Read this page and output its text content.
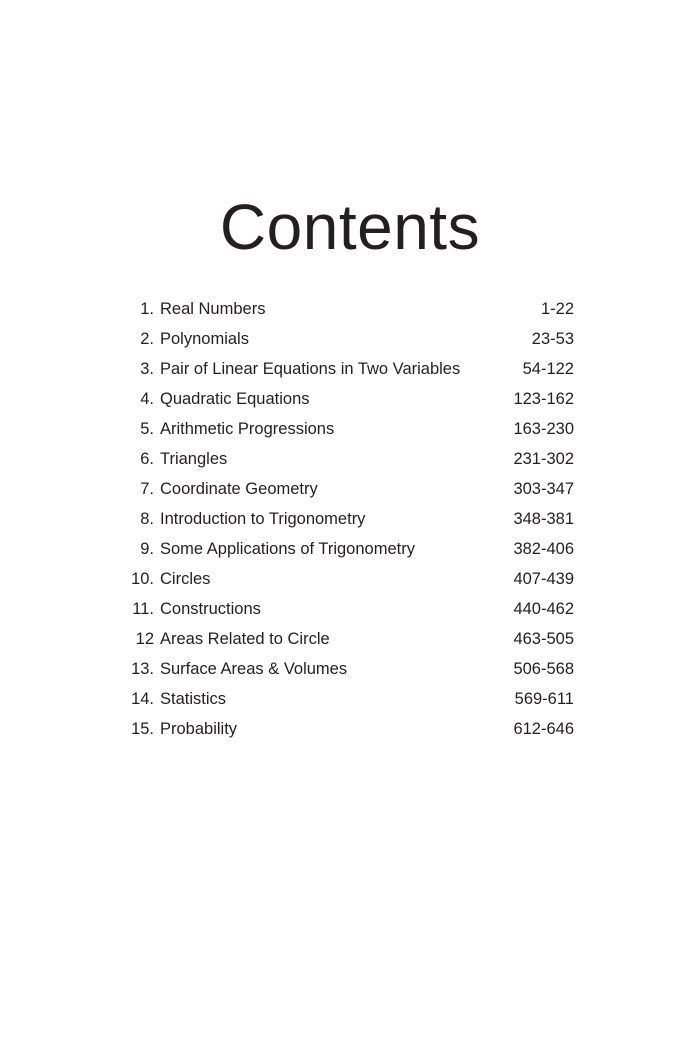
Contents
1. Real Numbers	1-22
2. Polynomials	23-53
3. Pair of Linear Equations in Two Variables	54-122
4. Quadratic Equations	123-162
5. Arithmetic Progressions	163-230
6. Triangles	231-302
7. Coordinate Geometry	303-347
8. Introduction to Trigonometry	348-381
9. Some Applications of Trigonometry	382-406
10. Circles	407-439
11. Constructions	440-462
12 Areas Related to Circle	463-505
13. Surface Areas & Volumes	506-568
14. Statistics	569-611
15. Probability	612-646
